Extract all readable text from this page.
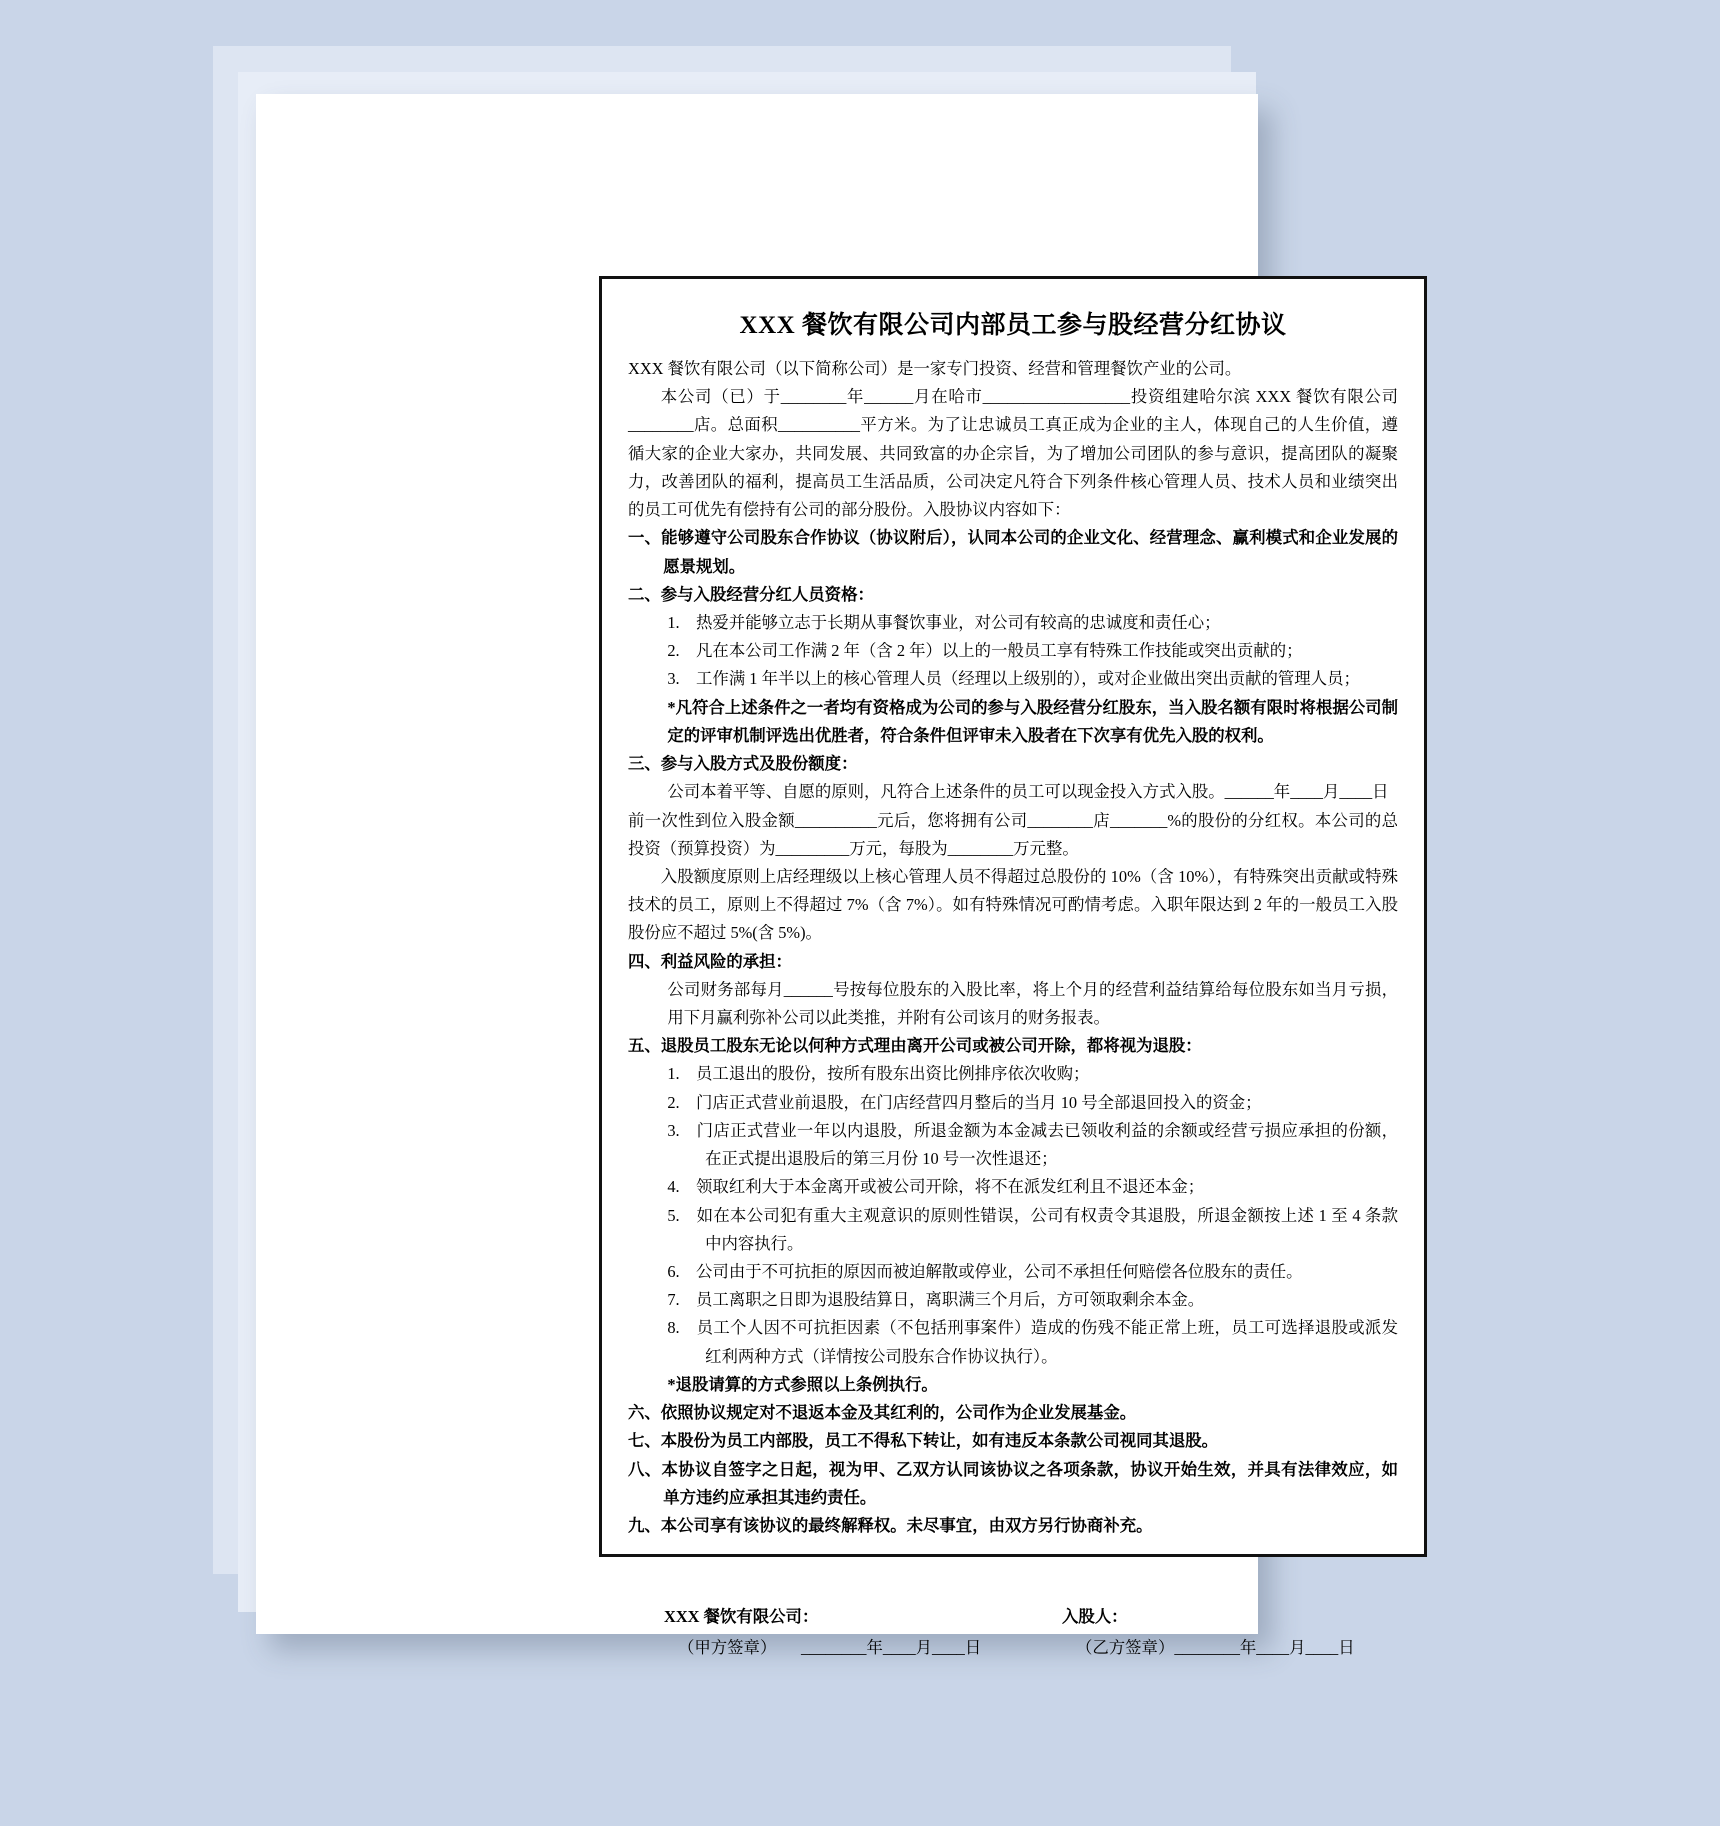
XXX 餐饮有限公司内部员工参与股经营分红协议

XXX 餐饮有限公司（以下简称公司）是一家专门投资、经营和管理餐饮产业的公司。

本公司（已）于________年______月在哈市__________________投资组建哈尔滨 XXX 餐饮有限公司________店。总面积__________平方米。为了让忠诚员工真正成为企业的主人，体现自己的人生价值，遵循大家的企业大家办，共同发展、共同致富的办企宗旨，为了增加公司团队的参与意识，提高团队的凝聚力，改善团队的福利，提高员工生活品质，公司决定凡符合下列条件核心管理人员、技术人员和业绩突出的员工可优先有偿持有公司的部分股份。入股协议内容如下：

一、能够遵守公司股东合作协议（协议附后），认同本公司的企业文化、经营理念、赢利模式和企业发展的愿景规划。

二、参与入股经营分红人员资格：

1.　热爱并能够立志于长期从事餐饮事业，对公司有较高的忠诚度和责任心；

2.　凡在本公司工作满 2 年（含 2 年）以上的一般员工享有特殊工作技能或突出贡献的；

3.　工作满 1 年半以上的核心管理人员（经理以上级别的），或对企业做出突出贡献的管理人员；

*凡符合上述条件之一者均有资格成为公司的参与入股经营分红股东，当入股名额有限时将根据公司制定的评审机制评选出优胜者，符合条件但评审未入股者在下次享有优先入股的权利。

三、参与入股方式及股份额度：

公司本着平等、自愿的原则，凡符合上述条件的员工可以现金投入方式入股。______年____月____日

前一次性到位入股金额__________元后，您将拥有公司________店_______%的股份的分红权。本公司的总投资（预算投资）为_________万元，每股为________万元整。

入股额度原则上店经理级以上核心管理人员不得超过总股份的 10%（含 10%），有特殊突出贡献或特殊技术的员工，原则上不得超过 7%（含 7%）。如有特殊情况可酌情考虑。入职年限达到 2 年的一般员工入股股份应不超过 5%(含 5%)。

四、利益风险的承担：

公司财务部每月______号按每位股东的入股比率，将上个月的经营利益结算给每位股东如当月亏损，用下月赢利弥补公司以此类推，并附有公司该月的财务报表。

五、退股员工股东无论以何种方式理由离开公司或被公司开除，都将视为退股：

1.　员工退出的股份，按所有股东出资比例排序依次收购；

2.　门店正式营业前退股，在门店经营四月整后的当月 10 号全部退回投入的资金；

3.　门店正式营业一年以内退股，所退金额为本金减去已领收利益的余额或经营亏损应承担的份额，在正式提出退股后的第三月份 10 号一次性退还；

4.　领取红利大于本金离开或被公司开除，将不在派发红利且不退还本金；

5.　如在本公司犯有重大主观意识的原则性错误，公司有权责令其退股，所退金额按上述 1 至 4 条款中内容执行。

6.　公司由于不可抗拒的原因而被迫解散或停业，公司不承担任何赔偿各位股东的责任。

7.　员工离职之日即为退股结算日，离职满三个月后，方可领取剩余本金。

8.　员工个人因不可抗拒因素（不包括刑事案件）造成的伤残不能正常上班，员工可选择退股或派发红利两种方式（详情按公司股东合作协议执行）。

*退股请算的方式参照以上条例执行。

六、依照协议规定对不退返本金及其红利的，公司作为企业发展基金。

七、本股份为员工内部股，员工不得私下转让，如有违反本条款公司视同其退股。

八、本协议自签字之日起，视为甲、乙双方认同该协议之各项条款，协议开始生效，并具有法律效应，如单方违约应承担其违约责任。

九、本公司享有该协议的最终解释权。未尽事宜，由双方另行协商补充。

XXX 餐饮有限公司：	入股人：
（甲方签章） ________年____月____日	（乙方签章）________年____月____日
